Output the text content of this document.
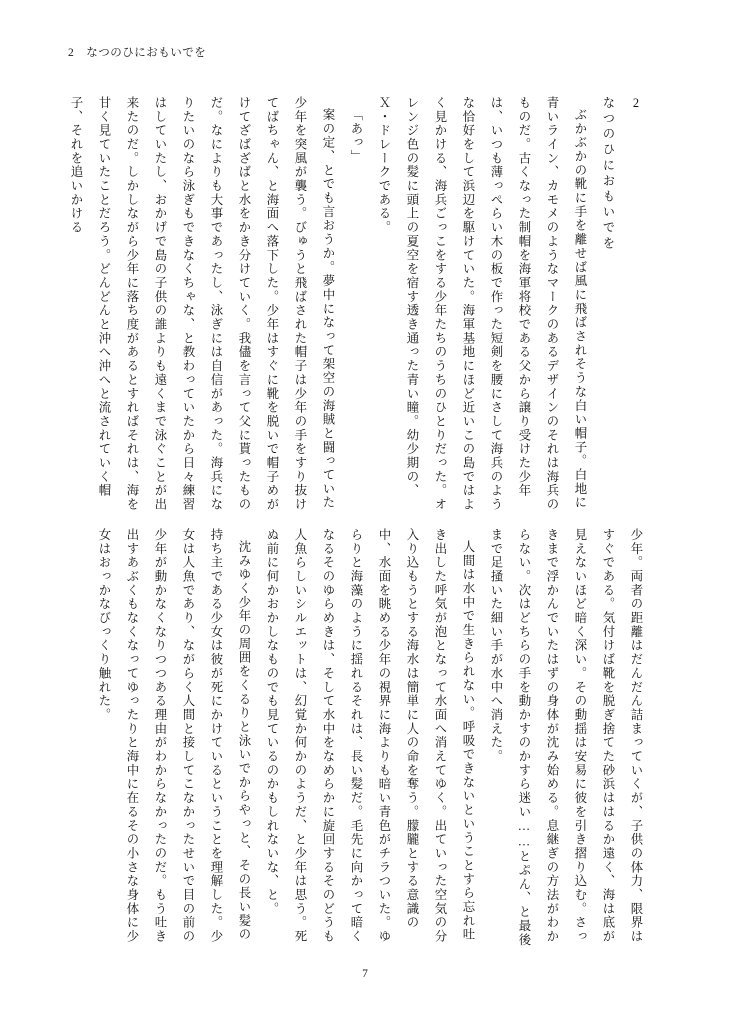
2 なつのひにおもいでを

2
なつのひにおもいでを

ぶかぶかの靴に手を離せば風に飛ばされそうな白い帽子。白地に青いライン、カモメのようなマークのあるデザインのそれは海兵のものだ。古くなった制帽を海軍将校である父から譲り受けた少年は、いつも薄っぺらい木の板で作った短剣を腰にさして海兵のような恰好をして浜辺を駆けていた。海軍基地にほど近いこの島ではよく見かける、海兵ごっこをする少年たちのうちのひとりだった。オレンジ色の髪に頭上の夏空を宿す透き通った青い瞳。幼少期の、Ｘ・ドレークである。

「あっ」

案の定、とでも言おうか。夢中になって架空の海賊と闘っていた少年を突風が襲う。びゅうと飛ばされた帽子は少年の手をすり抜けてばちゃん、と海面へ落下した。少年はすぐに靴を脱いで帽子めがけてざばざばと水をかき分けていく。我儘を言って父に貰ったものだ。なによりも大事であったし、泳ぎには自信があった。海兵になりたいのなら泳ぎもできなくちゃな、と教わっていたから日々練習はしていたし、おかげで島の子供の誰よりも遠くまで泳ぐことが出来たのだ。しかしながら少年に落ち度があるとすればそれは、海を甘く見ていたことだろう。どんどんと沖へ沖へと流されていく帽子、それを追いかける

少年。両者の距離はだんだん詰まっていくが、子供の体力、限界はすぐである。気付けば靴を脱ぎ捨てた砂浜ははるか遠く、海は底が見えないほど暗く深い。その動揺は安易に彼を引き摺り込む。さっきまで浮かんでいたはずの身体が沈み始める。息継ぎの方法がわからない。次はどちらの手を動かすのかすら迷い……とぷん、と最後まで足掻いた細い手が水中へ消えた。

人間は水中で生きられない。呼吸できないということすら忘れ吐き出した呼気が泡となって水面へ消えてゆく。出ていった空気の分入り込もうとする海水は簡単に人の命を奪う。朦朧とする意識の中、水面を眺める少年の視界に海よりも暗い青色がチラついた。ゆらりと海藻のように揺れるそれは、長い髪だ。毛先に向かって暗くなるそのゆらめきは、そして水中をなめらかに旋回するそのどうも人魚らしいシルエットは、幻覚か何かのようだ、と少年は思う。死ぬ前に何かおかしなものでも見ているのかもしれないな、と。

沈みゆく少年の周囲をくるりと泳いでからやっと、その長い髪の持ち主である少女は彼が死にかけているということを理解した。少女は人魚であり、ながらく人間と接してこなかったせいで目の前の少年が動かなくなりつつある理由がわからなかったのだ。もう吐き出すあぶくもなくなってゆったりと海中に在るその小さな身体に少女はおっかなびっくり触れた。

7
